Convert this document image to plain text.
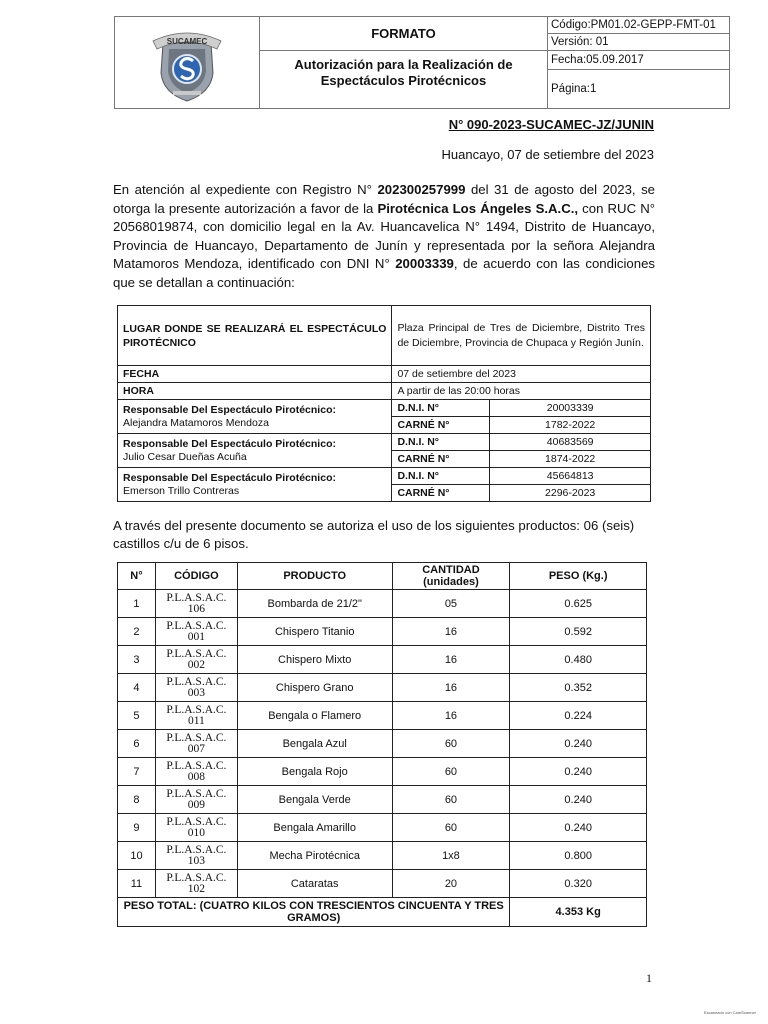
SUCAMEC
FORMATO
Autorización para la Realización de Espectáculos Pirotécnicos
Código:PM01.02-GEPP-FMT-01
Versión: 01
Fecha:05.09.2017
Página:1
N° 090-2023-SUCAMEC-JZ/JUNIN
Huancayo, 07 de setiembre del 2023
En atención al expediente con Registro N° 202300257999 del 31 de agosto del 2023, se otorga la presente autorización a favor de la Pirotécnica Los Ángeles S.A.C., con RUC N° 20568019874, con domicilio legal en la Av. Huancavelica N° 1494, Distrito de Huancayo, Provincia de Huancayo, Departamento de Junín y representada por la señora Alejandra Matamoros Mendoza, identificado con DNI N° 20003339, de acuerdo con las condiciones que se detallan a continuación:
LUGAR DONDE SE REALIZARÁ EL ESPECTÁCULO PIROTÉCNICO	Plaza Principal de Tres de Diciembre, Distrito Tres de Diciembre, Provincia de Chupaca y Región Junín.	
FECHA	07 de setiembre del 2023	
HORA	A partir de las 20:00 horas	
Responsable Del Espectáculo Pirotécnico:
Alejandra Matamoros Mendoza	D.N.I. N°	20003339
	CARNÉ N°	1782-2022
Responsable Del Espectáculo Pirotécnico:
Julio Cesar Dueñas Acuña	D.N.I. N°	40683569
	CARNÉ N°	1874-2022
Responsable Del Espectáculo Pirotécnico:
Emerson Trillo Contreras	D.N.I. N°	45664813
	CARNÉ N°	2296-2023
A través del presente documento se autoriza el uso de los siguientes productos: 06 (seis) castillos c/u de 6 pisos.
N°	CÓDIGO	PRODUCTO	CANTIDAD (unidades)	PESO (Kg.)
1	P.L.A.S.A.C. 106	Bombarda de 21/2"	05	0.625
2	P.L.A.S.A.C. 001	Chispero Titanio	16	0.592
3	P.L.A.S.A.C. 002	Chispero Mixto	16	0.480
4	P.L.A.S.A.C. 003	Chispero Grano	16	0.352
5	P.L.A.S.A.C. 011	Bengala o Flamero	16	0.224
6	P.L.A.S.A.C. 007	Bengala Azul	60	0.240
7	P.L.A.S.A.C. 008	Bengala Rojo	60	0.240
8	P.L.A.S.A.C. 009	Bengala Verde	60	0.240
9	P.L.A.S.A.C. 010	Bengala Amarillo	60	0.240
10	P.L.A.S.A.C. 103	Mecha Pirotécnica	1x8	0.800
11	P.L.A.S.A.C. 102	Cataratas	20	0.320
PESO TOTAL: (CUATRO KILOS CON TRESCIENTOS CINCUENTA Y TRES GRAMOS)				4.353 Kg
1
Escaneado con CamScanner
